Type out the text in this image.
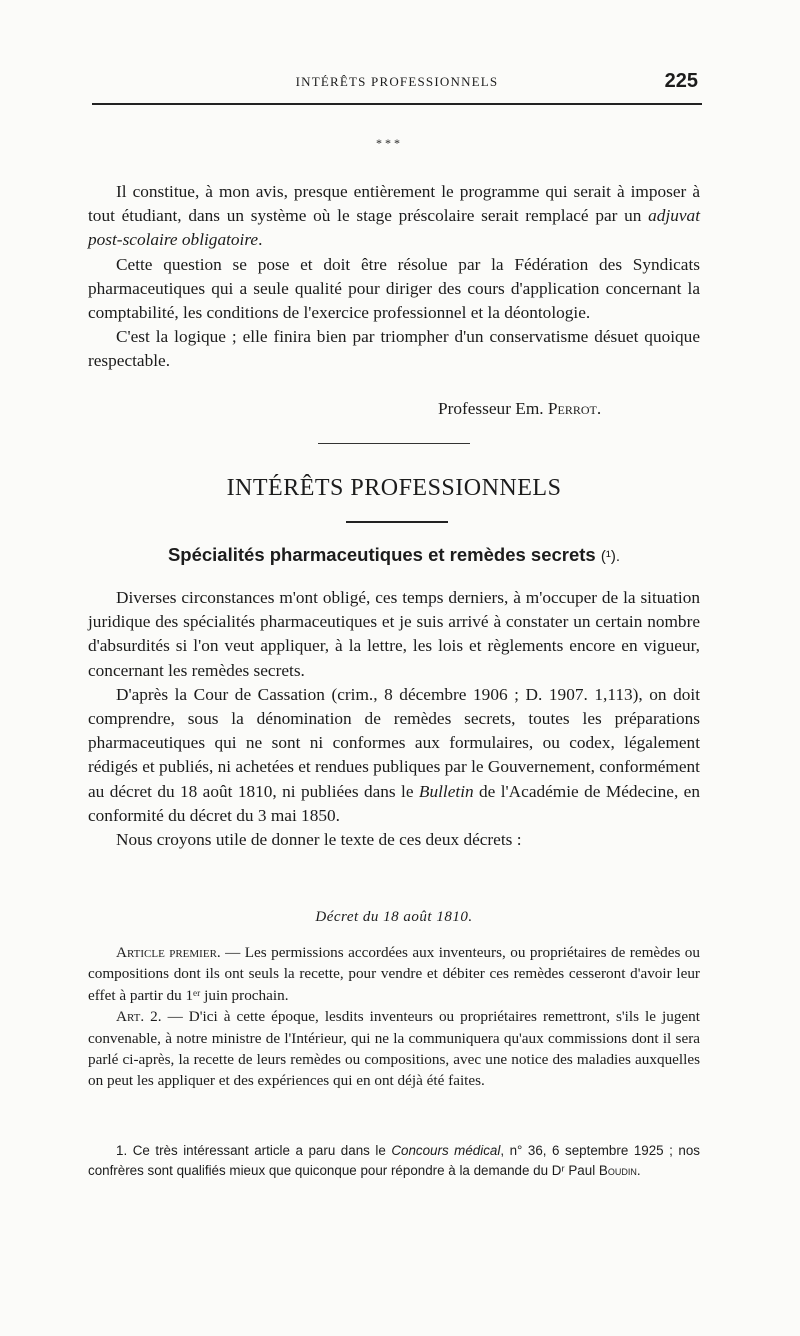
INTÉRÊTS PROFESSIONNELS	225
* * *

Il constitue, à mon avis, presque entièrement le programme qui serait à imposer à tout étudiant, dans un système où le stage préscolaire serait remplacé par un adjuvat post-scolaire obligatoire.

Cette question se pose et doit être résolue par la Fédération des Syndicats pharmaceutiques qui a seule qualité pour diriger des cours d'application concernant la comptabilité, les conditions de l'exercice professionnel et la déontologie.

C'est la logique ; elle finira bien par triompher d'un conservatisme désuet quoique respectable.

Professeur Em. Perrot.
INTÉRÊTS PROFESSIONNELS
Spécialités pharmaceutiques et remèdes secrets (¹).

Diverses circonstances m'ont obligé, ces temps derniers, à m'occuper de la situation juridique des spécialités pharmaceutiques et je suis arrivé à constater un certain nombre d'absurdités si l'on veut appliquer, à la lettre, les lois et règlements encore en vigueur, concernant les remèdes secrets.

D'après la Cour de Cassation (crim., 8 décembre 1906 ; D. 1907. 1,113), on doit comprendre, sous la dénomination de remèdes secrets, toutes les préparations pharmaceutiques qui ne sont ni conformes aux formulaires, ou codex, légalement rédigés et publiés, ni achetées et rendues publiques par le Gouvernement, conformément au décret du 18 août 1810, ni publiées dans le Bulletin de l'Académie de Médecine, en conformité du décret du 3 mai 1850.

Nous croyons utile de donner le texte de ces deux décrets :

Décret du 18 août 1810.

Article premier. — Les permissions accordées aux inventeurs, ou propriétaires de remèdes ou compositions dont ils ont seuls la recette, pour vendre et débiter ces remèdes cesseront d'avoir leur effet à partir du 1ᵉʳ juin prochain.

Art. 2. — D'ici à cette époque, lesdits inventeurs ou propriétaires remettront, s'ils le jugent convenable, à notre ministre de l'Intérieur, qui ne la communiquera qu'aux commissions dont il sera parlé ci-après, la recette de leurs remèdes ou compositions, avec une notice des maladies auxquelles on peut les appliquer et des expériences qui en ont déjà été faites.

1. Ce très intéressant article a paru dans le Concours médical, n° 36, 6 septembre 1925 ; nos confrères sont qualifiés mieux que quiconque pour répondre à la demande du Dʳ Paul Boudin.
